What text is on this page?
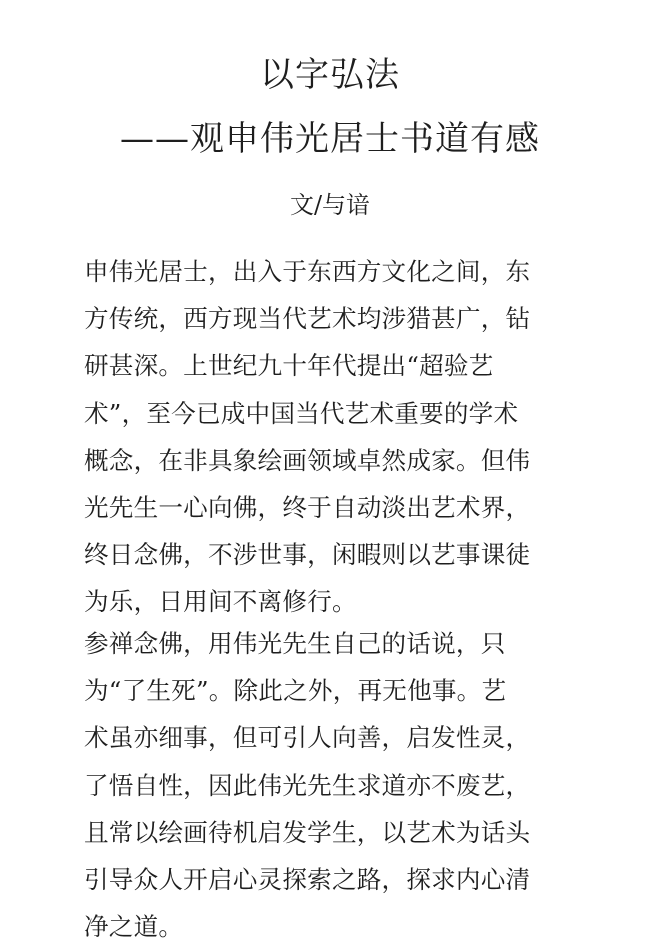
以字弘法
——观申伟光居士书道有感
文/与谙
申伟光居士，出入于东西方文化之间，东
方传统，西方现当代艺术均涉猎甚广，钻
研甚深。上世纪九十年代提出“超验艺
术”，至今已成中国当代艺术重要的学术
概念，在非具象绘画领域卓然成家。但伟
光先生一心向佛，终于自动淡出艺术界，
终日念佛，不涉世事，闲暇则以艺事课徒
为乐，日用间不离修行。
参禅念佛，用伟光先生自己的话说，只
为“了生死”。除此之外，再无他事。艺
术虽亦细事，但可引人向善，启发性灵，
了悟自性，因此伟光先生求道亦不废艺，
且常以绘画待机启发学生，以艺术为话头
引导众人开启心灵探索之路，探求内心清
净之道。
